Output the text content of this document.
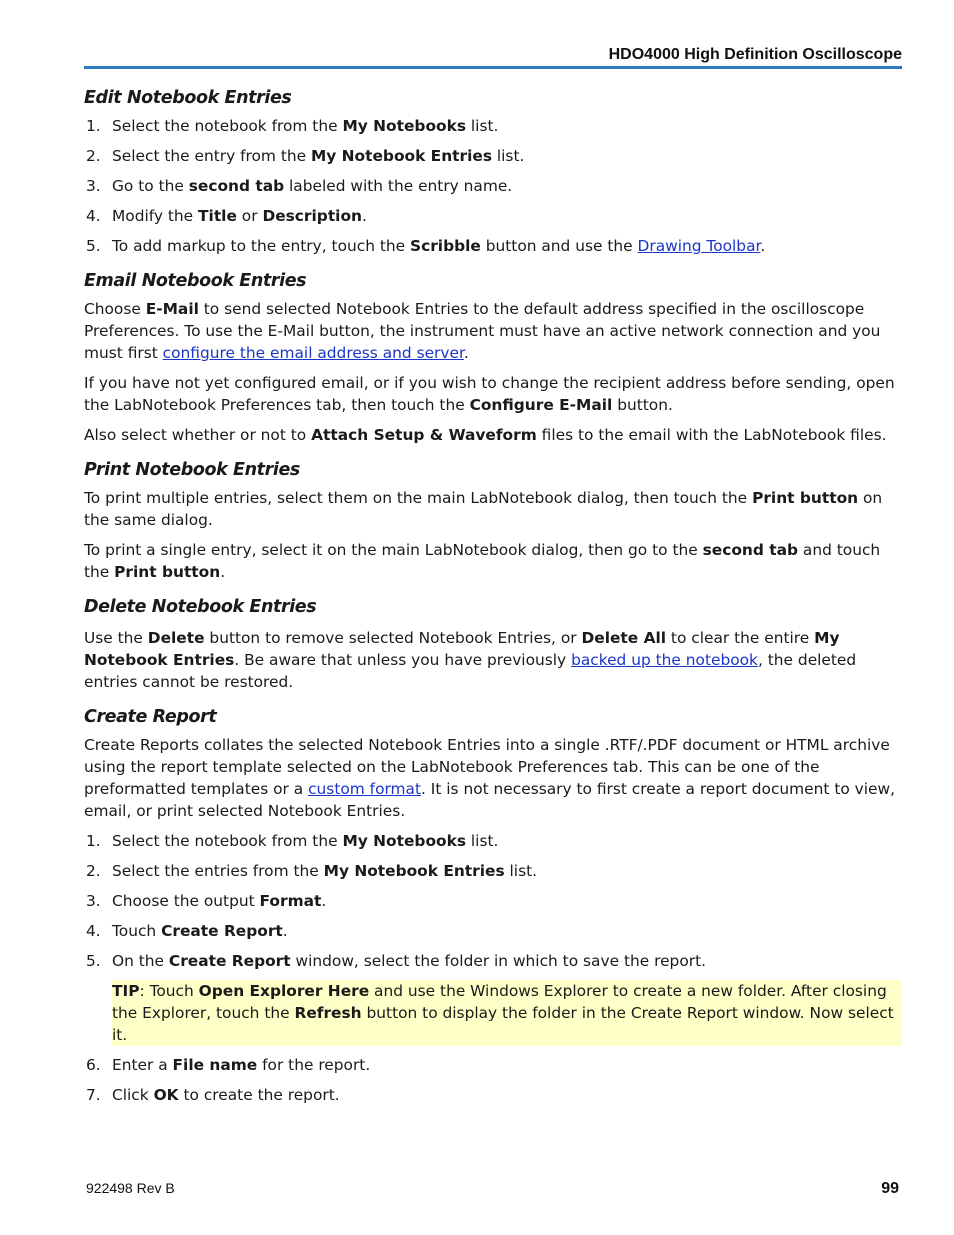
HDO4000 High Definition Oscilloscope
Edit Notebook Entries
1. Select the notebook from the My Notebooks list.
2. Select the entry from the My Notebook Entries list.
3. Go to the second tab labeled with the entry name.
4. Modify the Title or Description.
5. To add markup to the entry, touch the Scribble button and use the Drawing Toolbar.
Email Notebook Entries

Choose E-Mail to send selected Notebook Entries to the default address specified in the oscilloscope Preferences. To use the E-Mail button, the instrument must have an active network connection and you must first configure the email address and server.

If you have not yet configured email, or if you wish to change the recipient address before sending, open the LabNotebook Preferences tab, then touch the Configure E-Mail button.

Also select whether or not to Attach Setup & Waveform files to the email with the LabNotebook files.

Print Notebook Entries

To print multiple entries, select them on the main LabNotebook dialog, then touch the Print button on the same dialog.

To print a single entry, select it on the main LabNotebook dialog, then go to the second tab and touch the Print button.

Delete Notebook Entries

Use the Delete button to remove selected Notebook Entries, or Delete All to clear the entire My Notebook Entries. Be aware that unless you have previously backed up the notebook, the deleted entries cannot be restored.

Create Report

Create Reports collates the selected Notebook Entries into a single .RTF/.PDF document or HTML archive using the report template selected on the LabNotebook Preferences tab. This can be one of the preformatted templates or a custom format. It is not necessary to first create a report document to view, email, or print selected Notebook Entries.

1. Select the notebook from the My Notebooks list.
2. Select the entries from the My Notebook Entries list.
3. Choose the output Format.
4. Touch Create Report.
5. On the Create Report window, select the folder in which to save the report.
TIP: Touch Open Explorer Here and use the Windows Explorer to create a new folder. After closing the Explorer, touch the Refresh button to display the folder in the Create Report window. Now select it.
6. Enter a File name for the report.
7. Click OK to create the report.
922498 Rev B	99
